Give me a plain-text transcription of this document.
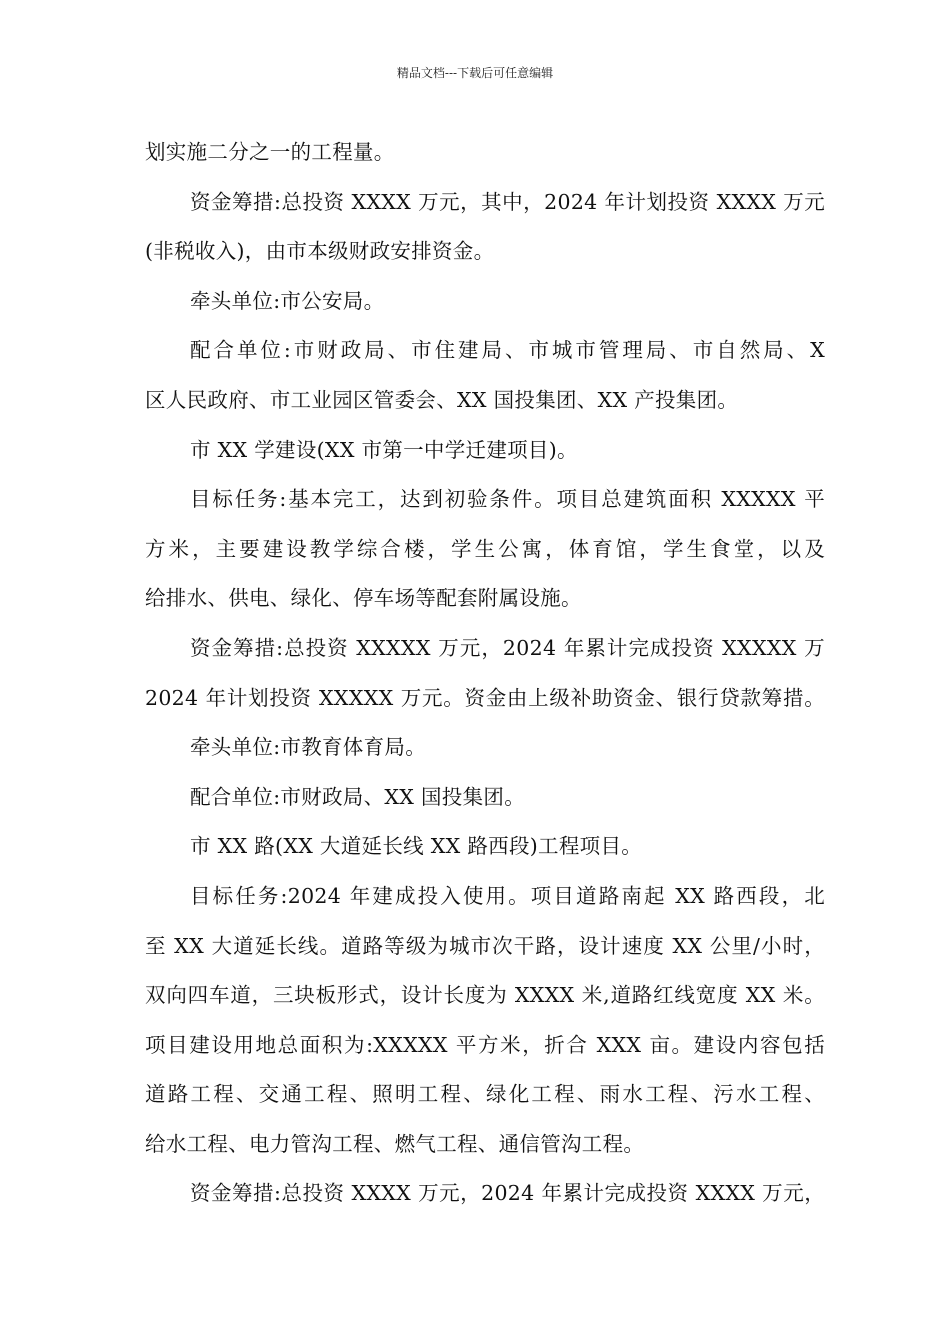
精品文档---下载后可任意编辑
划实施二分之一的工程量。
资金筹措:总投资 XXXX 万元，其中，2024 年计划投资 XXXX 万元
(非税收入)，由市本级财政安排资金。
牵头单位:市公安局。
配合单位:市财政局、市住建局、市城市管理局、市自然局、X
区人民政府、市工业园区管委会、XX 国投集团、XX 产投集团。
市 XX 学建设(XX 市第一中学迁建项目)。
目标任务:基本完工，达到初验条件。项目总建筑面积 XXXXX 平
方米，主要建设教学综合楼，学生公寓，体育馆，学生食堂，以及
给排水、供电、绿化、停车场等配套附属设施。
资金筹措:总投资 XXXXX 万元，2024 年累计完成投资 XXXXX 万
2024 年计划投资 XXXXX 万元。资金由上级补助资金、银行贷款筹措。
牵头单位:市教育体育局。
配合单位:市财政局、XX 国投集团。
市 XX 路(XX 大道延长线 XX 路西段)工程项目。
目标任务:2024 年建成投入使用。项目道路南起 XX 路西段，北
至 XX 大道延长线。道路等级为城市次干路，设计速度 XX 公里/小时，
双向四车道，三块板形式，设计长度为 XXXX 米,道路红线宽度 XX 米。
项目建设用地总面积为:XXXXX 平方米，折合 XXX 亩。建设内容包括
道路工程、交通工程、照明工程、绿化工程、雨水工程、污水工程、
给水工程、电力管沟工程、燃气工程、通信管沟工程。
资金筹措:总投资 XXXX 万元，2024 年累计完成投资 XXXX 万元，
